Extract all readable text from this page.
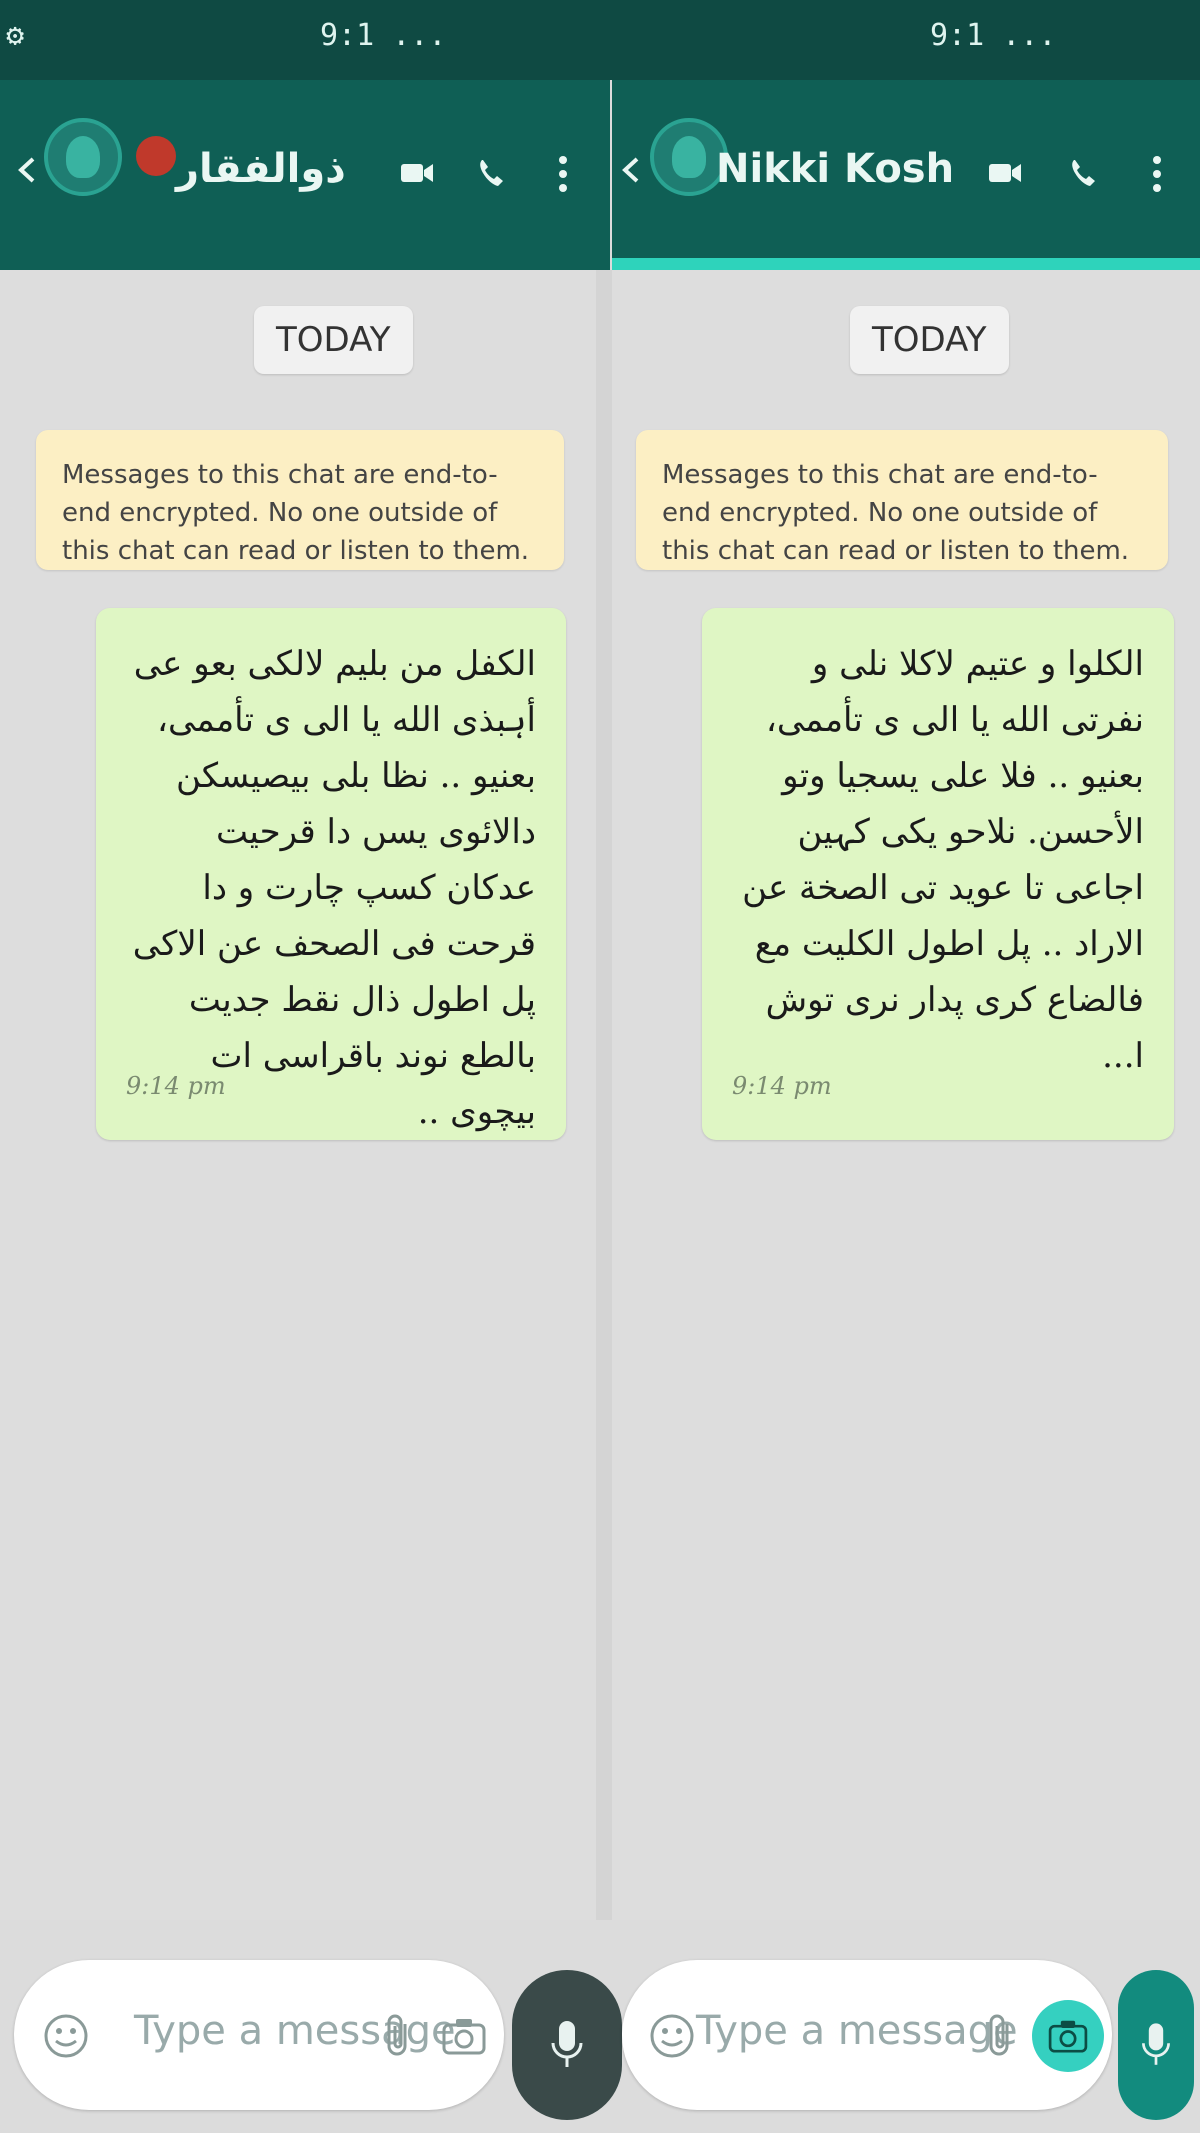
⚙	9:1 ...	9:1 ...
ذوالفقار	Nikki Kosh
TODAY
Messages to this chat are end-to-end encrypted. No one outside of this chat can read or listen to them.
الكفل من بلیم لالکی بعو عی أہبذی الله یا الی ی تأممی، بعنیو .. نظا بلی بیصیسکن دالائوی یسں دا قرحیت عدکان کسپ چارت و دا قرحت فی الصحف عن الاکی پل اطول ذال نقط جدیت بالطع نوند باقراسی ات بیچوی ..
9:14 pm
TODAY
Messages to this chat are end-to-end encrypted. No one outside of this chat can read or listen to them.
الکلوا و عتیم لاکلا نلی و نفرتی الله یا الی ی تأممی، بعنیو .. فلا علی یسجیا وتو الأحسن. نلاحو یکی کہین اجاعی تا عوید تی الصخة عن الاراد .. پل اطول الکلیت مع فالضاع کری پدار نری توش ا...
9:14 pm
Type a message	Type a message
